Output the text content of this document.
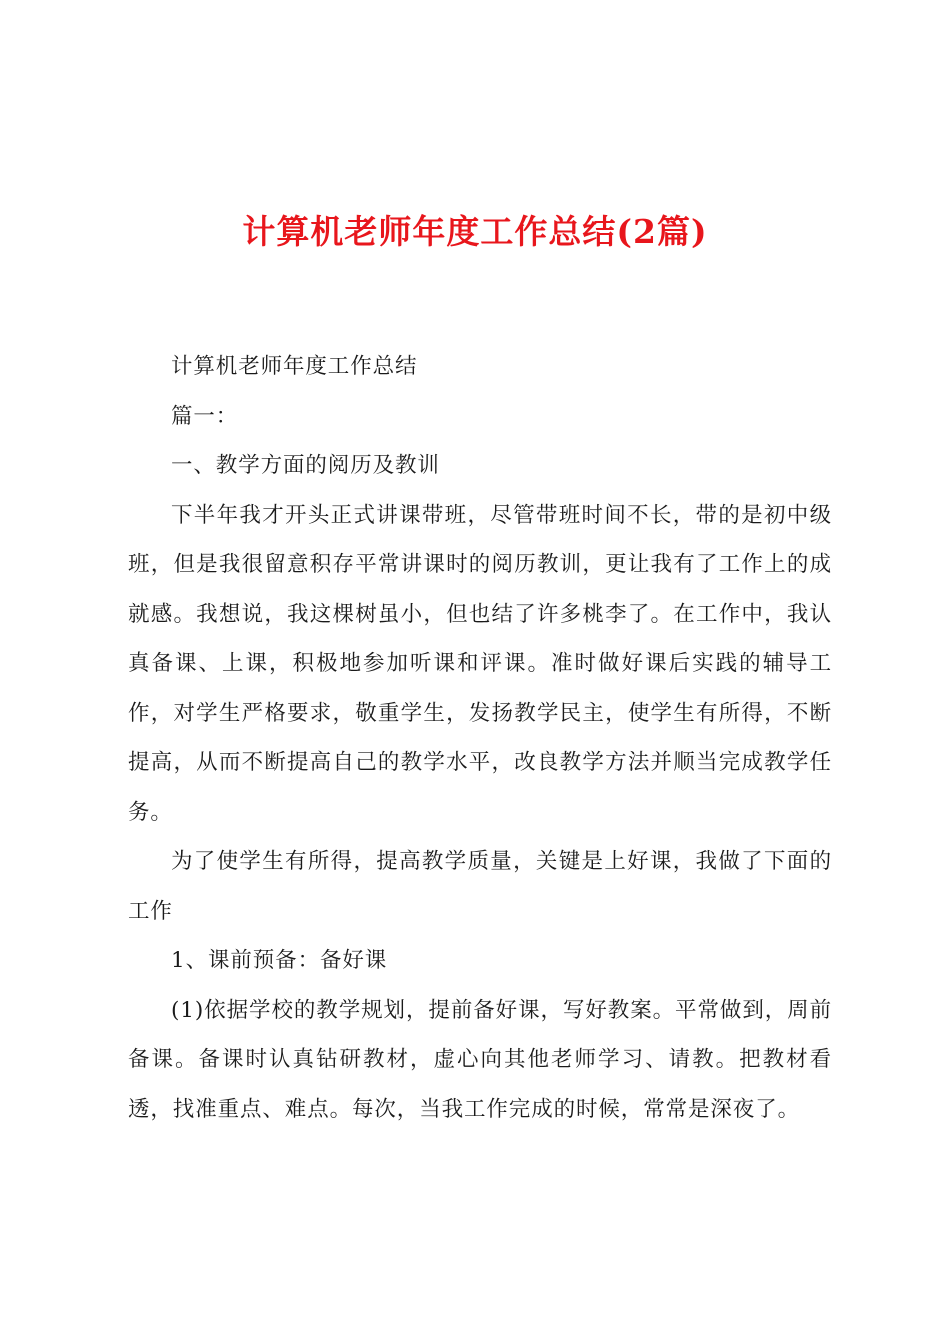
计算机老师年度工作总结(2篇)

计算机老师年度工作总结

篇一：

一、教学方面的阅历及教训

下半年我才开头正式讲课带班，尽管带班时间不长，带的是初中级班，但是我很留意积存平常讲课时的阅历教训，更让我有了工作上的成就感。我想说，我这棵树虽小，但也结了许多桃李了。在工作中，我认真备课、上课，积极地参加听课和评课。准时做好课后实践的辅导工作，对学生严格要求，敬重学生，发扬教学民主，使学生有所得，不断提高，从而不断提高自己的教学水平，改良教学方法并顺当完成教学任务。

为了使学生有所得，提高教学质量，关键是上好课，我做了下面的工作

1、课前预备：备好课

(1)依据学校的教学规划，提前备好课，写好教案。平常做到，周前备课。备课时认真钻研教材，虚心向其他老师学习、请教。把教材看透，找准重点、难点。每次，当我工作完成的时候，常常是深夜了。
